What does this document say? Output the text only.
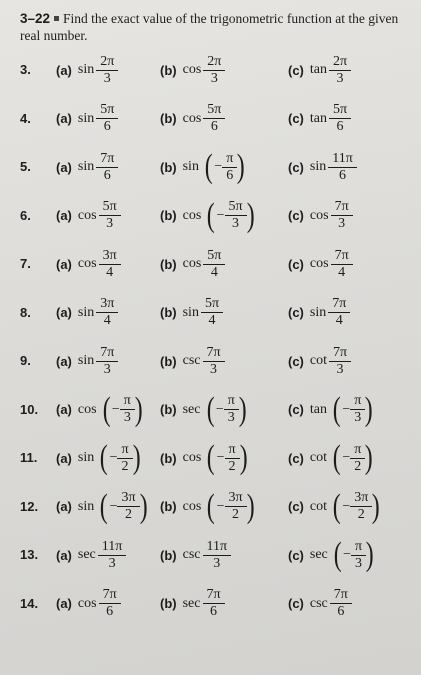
3–22 Find the exact value of the trigonometric function at the given real number.
3. (a) $\sin \frac{2\pi}{3}$	(b) $\cos \frac{2\pi}{3}$	(c) $\tan \frac{2\pi}{3}$
4. (a) $\sin \frac{5\pi}{6}$	(b) $\cos \frac{5\pi}{6}$	(c) $\tan \frac{5\pi}{6}$
5. (a) $\sin \frac{7\pi}{6}$	(b) sin ( − $\frac{\pi}{6}$ )	(c) $\sin \frac{11\pi}{6}$
6. (a) $\cos \frac{5\pi}{3}$	(b) cos ( − $\frac{5\pi}{3}$ )	(c) $\cos \frac{7\pi}{3}$
7. (a) $\cos \frac{3\pi}{4}$	(b) $\cos \frac{5\pi}{4}$	(c) $\cos \frac{7\pi}{4}$
8. (a) $\sin \frac{3\pi}{4}$	(b) $\sin \frac{5\pi}{4}$	(c) $\sin \frac{7\pi}{4}$
9. (a) $\sin \frac{7\pi}{3}$	(b) $\csc \frac{7\pi}{3}$	(c) $\cot \frac{7\pi}{3}$
10. (a) cos ( − $\frac{\pi}{3}$ ) (b) sec ( − $\frac{\pi}{3}$ )	(c) tan ( − $\frac{\pi}{3}$ )
11. (a) sin ( − $\frac{\pi}{2}$ ) (b) cos ( − $\frac{\pi}{2}$ )	(c) cot ( − $\frac{\pi}{2}$ )
12. (a) sin ( − $\frac{3\pi}{2}$ ) (b) cos ( − $\frac{3\pi}{2}$ )	(c) cot ( − $\frac{3\pi}{2}$ )
13. (a) $\sec \frac{11\pi}{3}$	(b) $\csc \frac{11\pi}{3}$	(c) sec ( − $\frac{\pi}{3}$ )
14. (a) $\cos \frac{7\pi}{6}$	(b) $\sec \frac{7\pi}{6}$	(c) $\csc \frac{7\pi}{6}$
